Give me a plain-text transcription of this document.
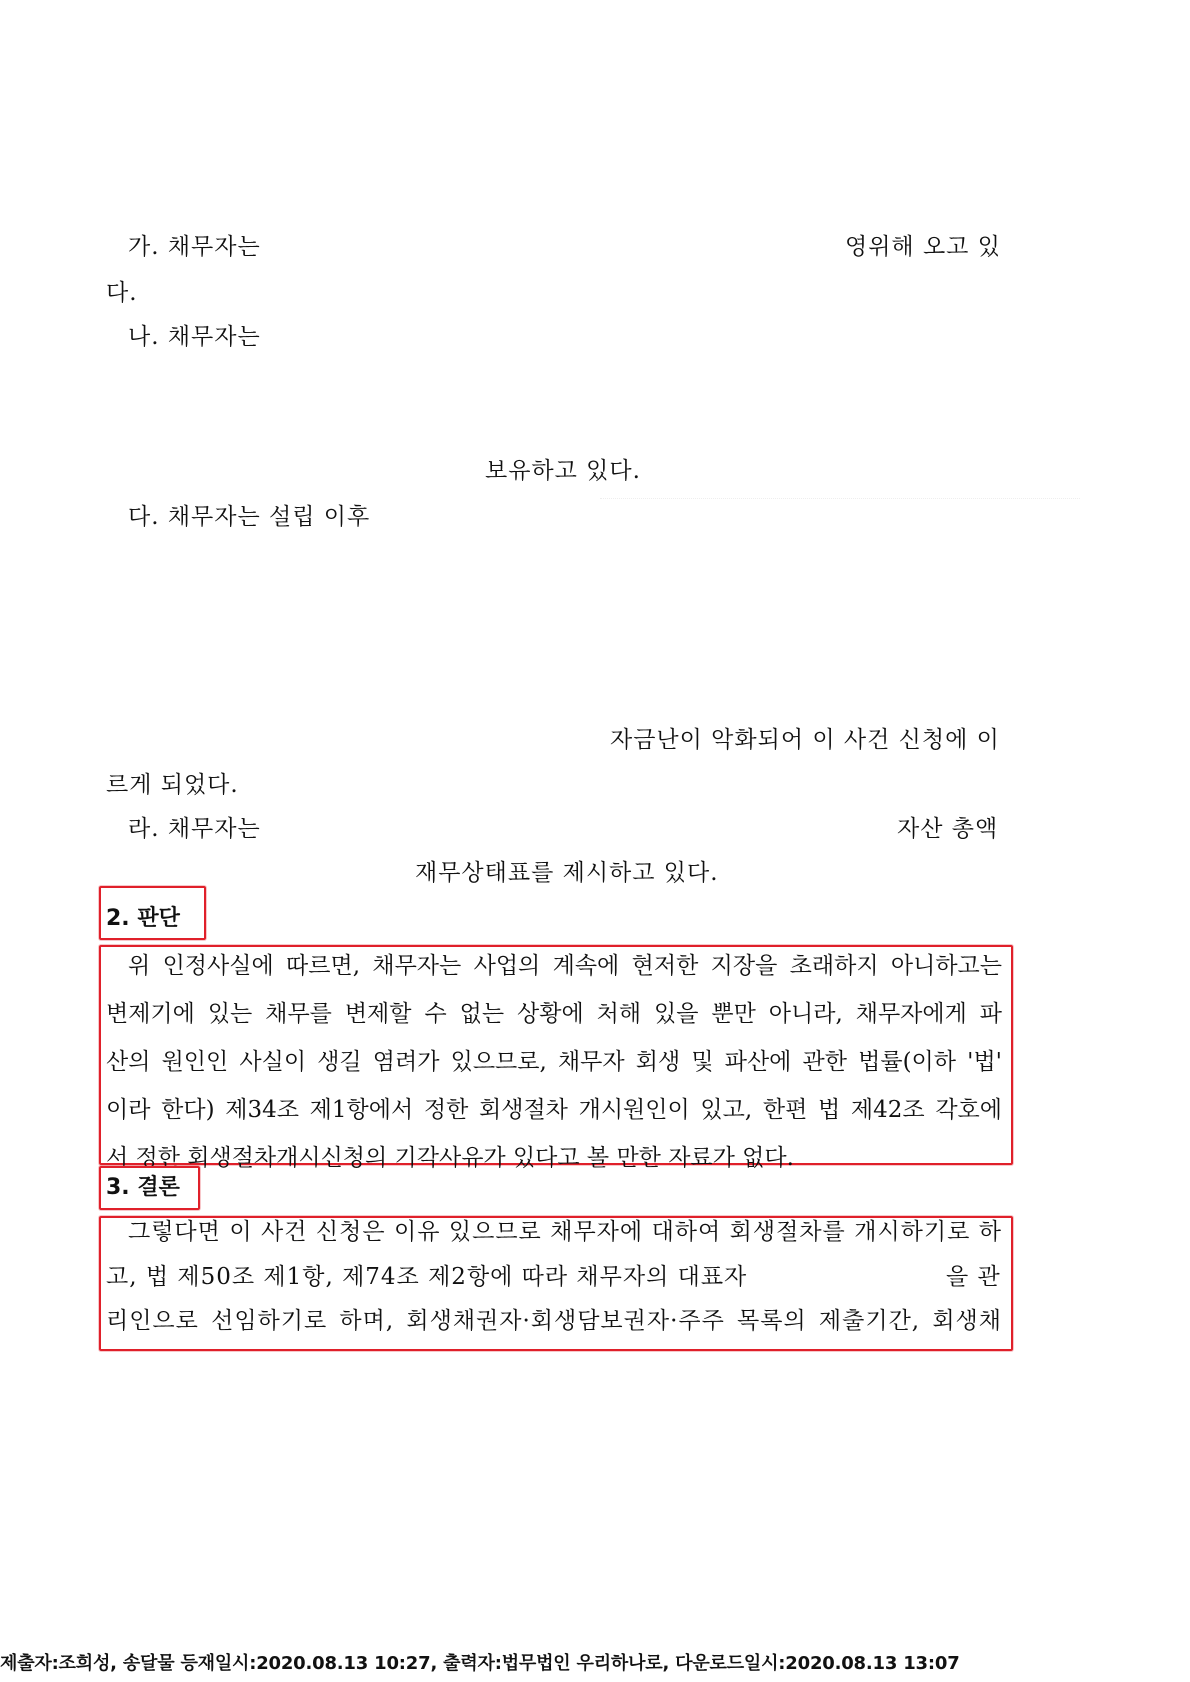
가. 채무자는	영위해 오고 있
다.
나. 채무자는
보유하고 있다.
다. 채무자는 설립 이후
자금난이 악화되어 이 사건 신청에 이
르게 되었다.
라. 채무자는	자산 총액
재무상태표를 제시하고 있다.
2. 판단
위 인정사실에 따르면, 채무자는 사업의 계속에 현저한 지장을 초래하지 아니하고는
변제기에 있는 채무를 변제할 수 없는 상황에 처해 있을 뿐만 아니라, 채무자에게 파
산의 원인인 사실이 생길 염려가 있으므로, 채무자 회생 및 파산에 관한 법률(이하 '법'
이라 한다) 제34조 제1항에서 정한 회생절차 개시원인이 있고, 한편 법 제42조 각호에
서 정한 회생절차개시신청의 기각사유가 있다고 볼 만한 자료가 없다.
3. 결론
그렇다면 이 사건 신청은 이유 있으므로 채무자에 대하여 회생절차를 개시하기로 하
고, 법 제50조 제1항, 제74조 제2항에 따라 채무자의 대표자	을 관
리인으로 선임하기로 하며, 회생채권자·회생담보권자·주주 목록의 제출기간, 회생채
제출자:조희성, 송달물 등재일시:2020.08.13 10:27, 출력자:법무법인 우리하나로, 다운로드일시:2020.08.13 13:07
